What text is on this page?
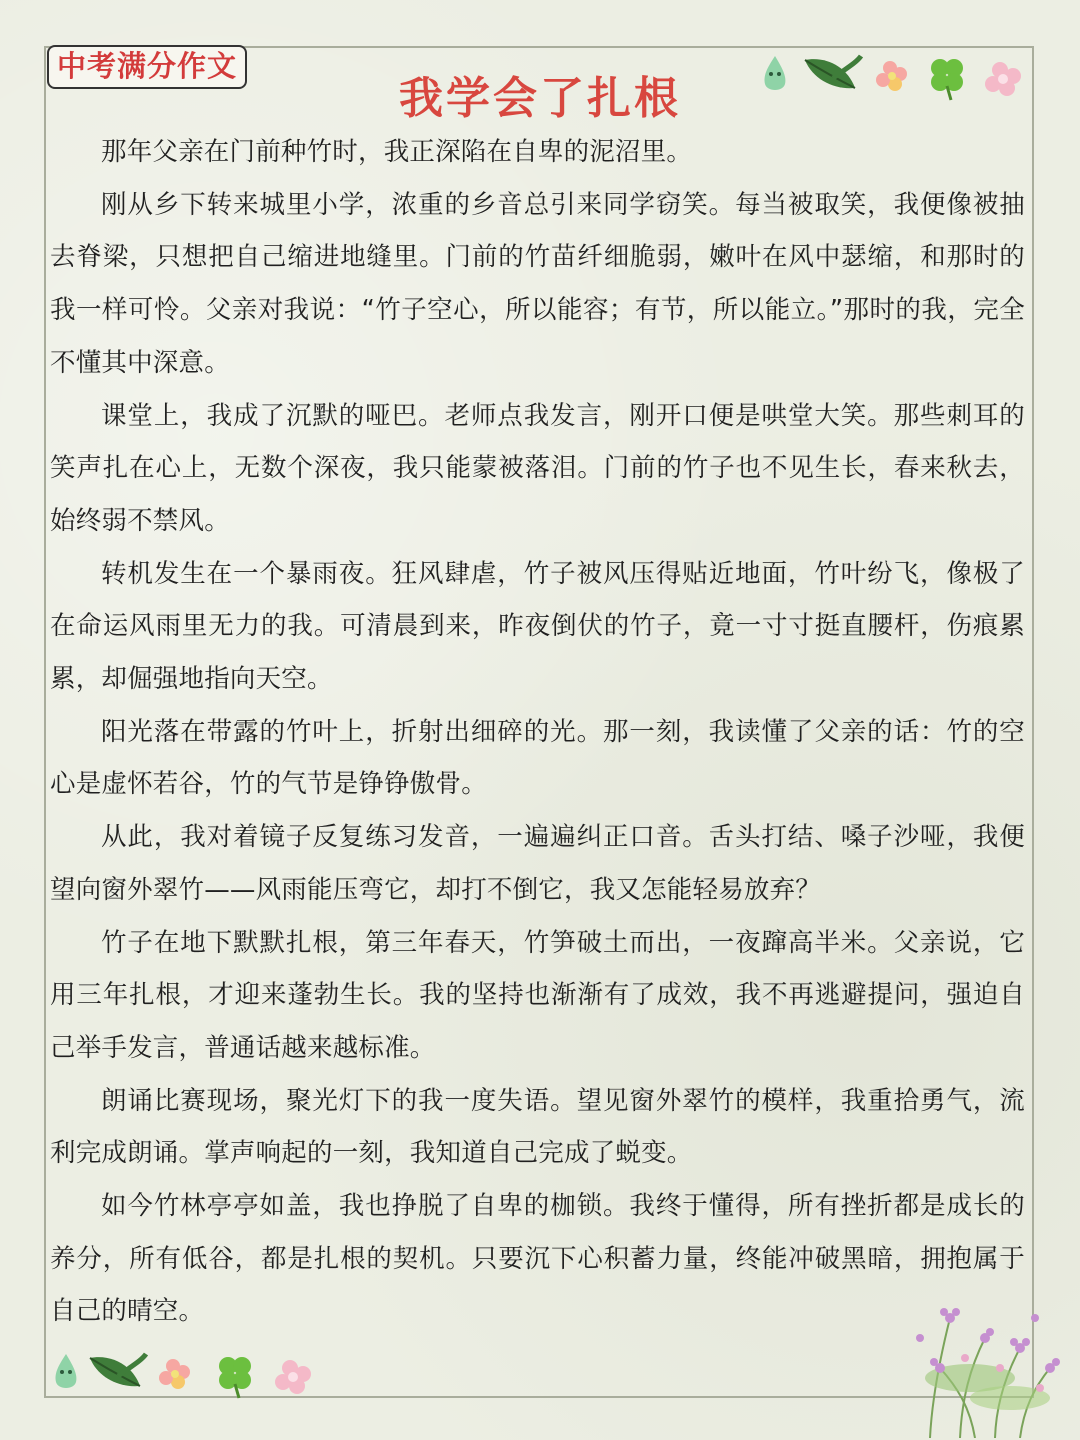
中考满分作文
我学会了扎根

那年父亲在门前种竹时，我正深陷在自卑的泥沼里。

刚从乡下转来城里小学，浓重的乡音总引来同学窃笑。每当被取笑，我便像被抽去脊梁，只想把自己缩进地缝里。门前的竹苗纤细脆弱，嫩叶在风中瑟缩，和那时的我一样可怜。父亲对我说：“竹子空心，所以能容；有节，所以能立。”那时的我，完全不懂其中深意。

课堂上，我成了沉默的哑巴。老师点我发言，刚开口便是哄堂大笑。那些刺耳的笑声扎在心上，无数个深夜，我只能蒙被落泪。门前的竹子也不见生长，春来秋去，始终弱不禁风。

转机发生在一个暴雨夜。狂风肆虐，竹子被风压得贴近地面，竹叶纷飞，像极了在命运风雨里无力的我。可清晨到来，昨夜倒伏的竹子，竟一寸寸挺直腰杆，伤痕累累，却倔强地指向天空。

阳光落在带露的竹叶上，折射出细碎的光。那一刻，我读懂了父亲的话：竹的空心是虚怀若谷，竹的气节是铮铮傲骨。

从此，我对着镜子反复练习发音，一遍遍纠正口音。舌头打结、嗓子沙哑，我便望向窗外翠竹——风雨能压弯它，却打不倒它，我又怎能轻易放弃？

竹子在地下默默扎根，第三年春天，竹笋破土而出，一夜蹿高半米。父亲说，它用三年扎根，才迎来蓬勃生长。我的坚持也渐渐有了成效，我不再逃避提问，强迫自己举手发言，普通话越来越标准。

朗诵比赛现场，聚光灯下的我一度失语。望见窗外翠竹的模样，我重拾勇气，流利完成朗诵。掌声响起的一刻，我知道自己完成了蜕变。

如今竹林亭亭如盖，我也挣脱了自卑的枷锁。我终于懂得，所有挫折都是成长的养分，所有低谷，都是扎根的契机。只要沉下心积蓄力量，终能冲破黑暗，拥抱属于自己的晴空。
